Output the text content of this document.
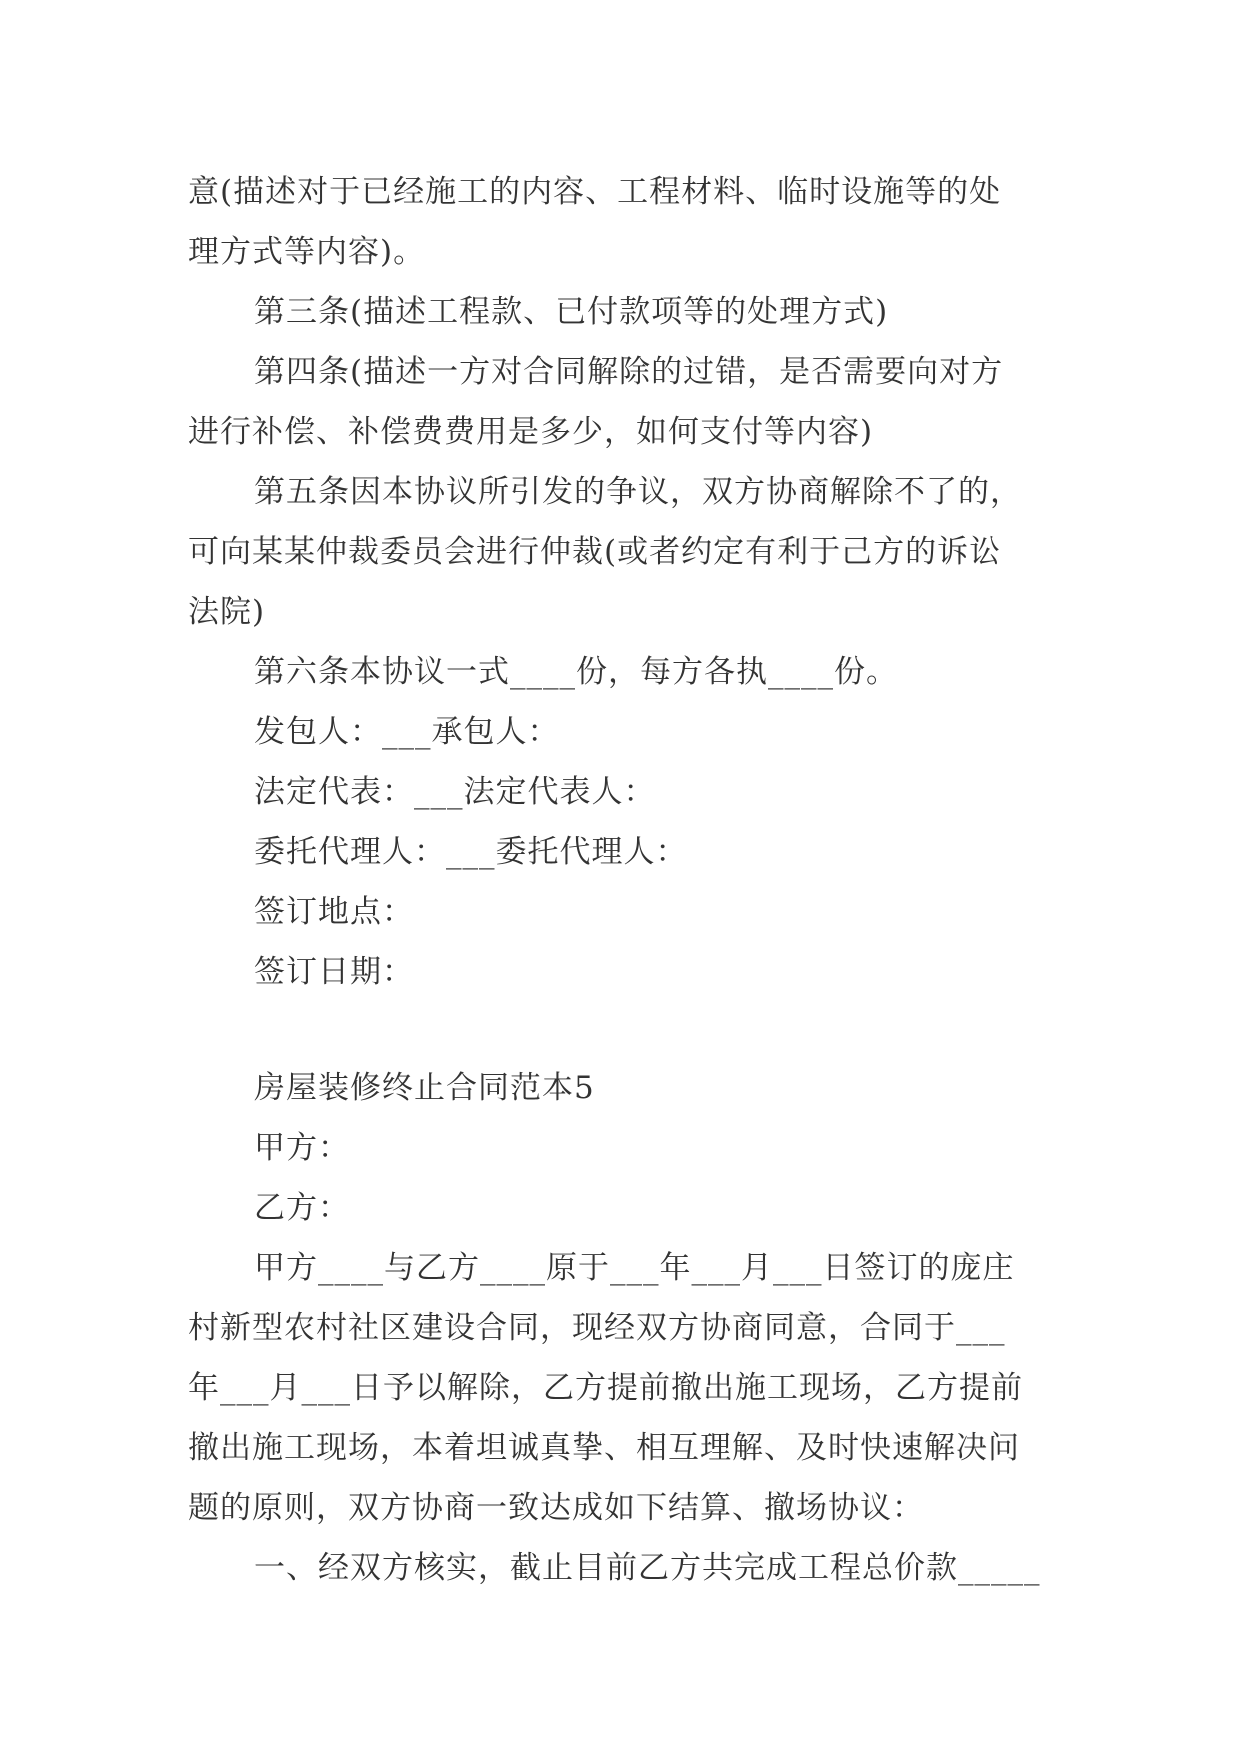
意(描述对于已经施工的内容、工程材料、临时设施等的处
理方式等内容)。
第三条(描述工程款、已付款项等的处理方式)
第四条(描述一方对合同解除的过错，是否需要向对方
进行补偿、补偿费费用是多少，如何支付等内容)
第五条因本协议所引发的争议，双方协商解除不了的，
可向某某仲裁委员会进行仲裁(或者约定有利于己方的诉讼
法院)
第六条本协议一式____份，每方各执____份。
发包人：___承包人：
法定代表：___法定代表人：
委托代理人：___委托代理人：
签订地点：
签订日期：
房屋装修终止合同范本5
甲方：
乙方：
甲方____与乙方____原于___年___月___日签订的庞庄
村新型农村社区建设合同，现经双方协商同意，合同于___
年___月___日予以解除，乙方提前撤出施工现场，乙方提前
撤出施工现场，本着坦诚真挚、相互理解、及时快速解决问
题的原则，双方协商一致达成如下结算、撤场协议：
一、经双方核实，截止目前乙方共完成工程总价款_____
